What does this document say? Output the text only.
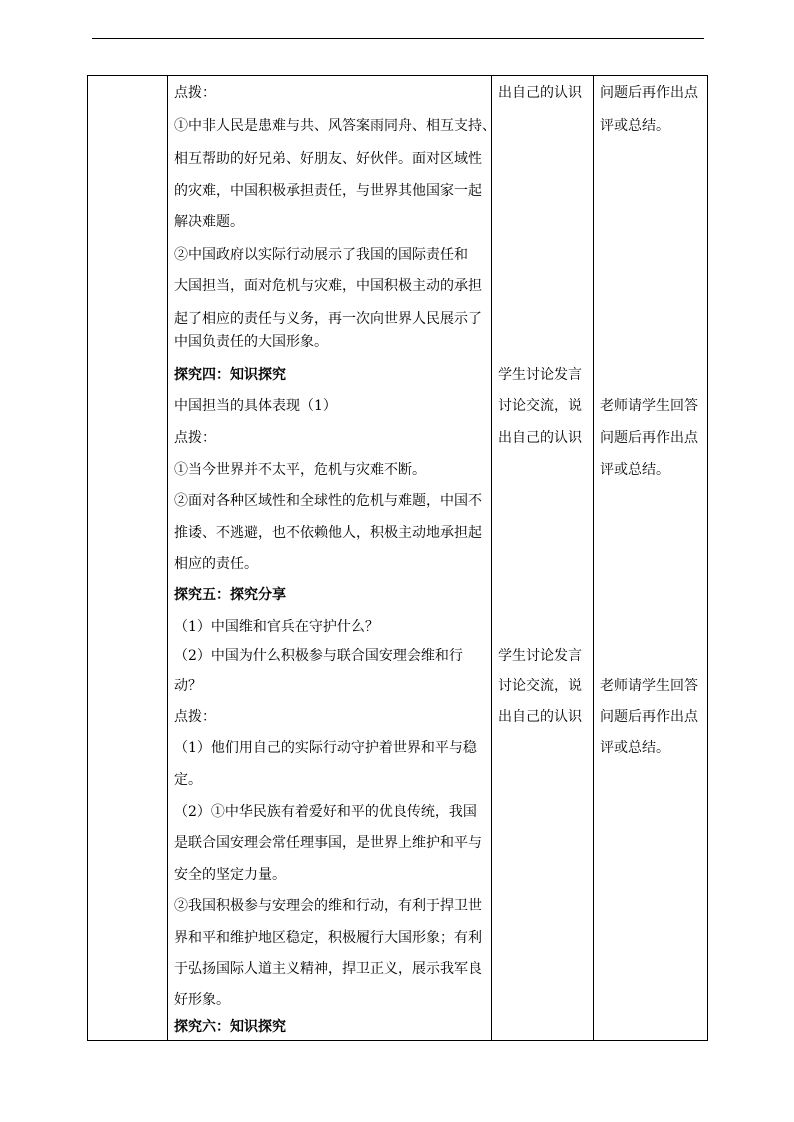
点拨：
①中非人民是患难与共、风答案雨同舟、相互支持、
相互帮助的好兄弟、好朋友、好伙伴。面对区域性
的灾难，中国积极承担责任，与世界其他国家一起
解决难题。
②中国政府以实际行动展示了我国的国际责任和
大国担当，面对危机与灾难，中国积极主动的承担
起了相应的责任与义务，再一次向世界人民展示了
中国负责任的大国形象。
探究四：知识探究
中国担当的具体表现（1）
点拨：
①当今世界并不太平，危机与灾难不断。
②面对各种区域性和全球性的危机与难题，中国不
推诿、不逃避，也不依赖他人，积极主动地承担起
相应的责任。
探究五：探究分享
（1）中国维和官兵在守护什么？
（2）中国为什么积极参与联合国安理会维和行
动？
点拨：
（1）他们用自己的实际行动守护着世界和平与稳
定。
（2）①中华民族有着爱好和平的优良传统，我国
是联合国安理会常任理事国，是世界上维护和平与
安全的坚定力量。
②我国积极参与安理会的维和行动，有利于捍卫世
界和平和维护地区稳定，积极履行大国形象；有利
于弘扬国际人道主义精神，捍卫正义，展示我军良
好形象。
探究六：知识探究
出自己的认识
学生讨论发言
讨论交流，说
出自己的认识
学生讨论发言
讨论交流，说
出自己的认识
问题后再作出点
评或总结。
老师请学生回答
问题后再作出点
评或总结。
老师请学生回答
问题后再作出点
评或总结。
